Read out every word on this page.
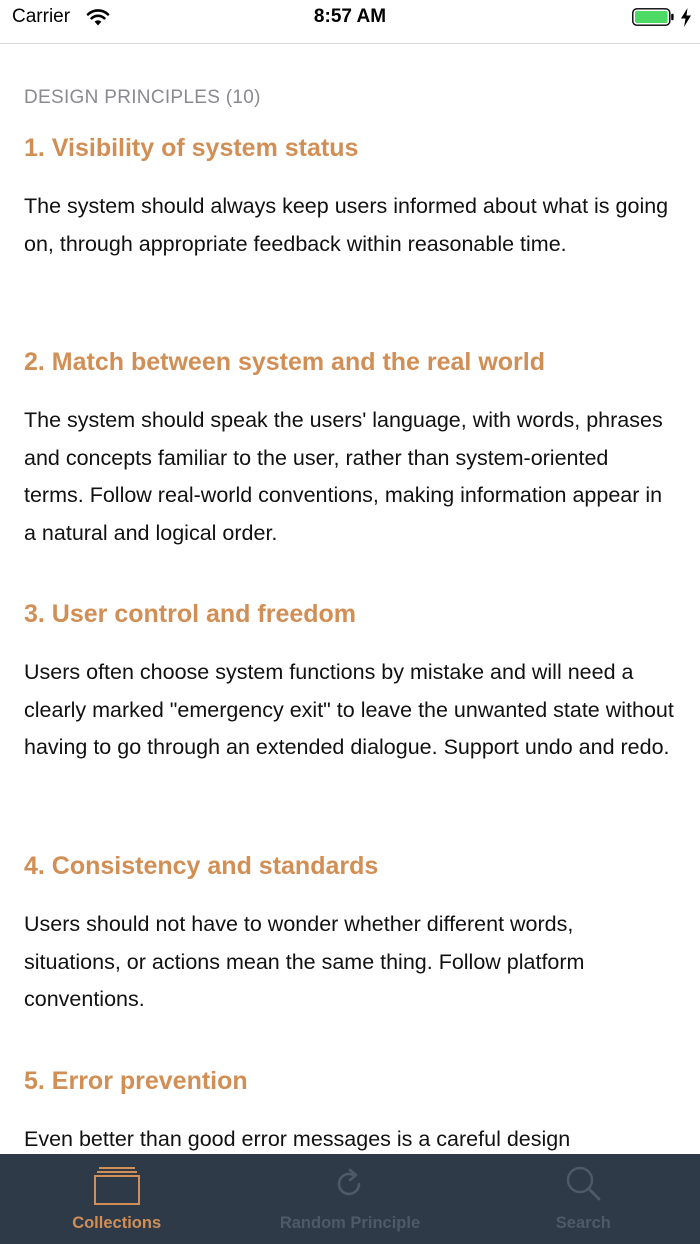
Carrier	8:57 AM
DESIGN PRINCIPLES (10)
1. Visibility of system status

The system should always keep users informed about what is going on, through appropriate feedback within reasonable time.

2. Match between system and the real world

The system should speak the users' language, with words, phrases and concepts familiar to the user, rather than system-oriented terms. Follow real-world conventions, making information appear in a natural and logical order.

3. User control and freedom

Users often choose system functions by mistake and will need a clearly marked "emergency exit" to leave the unwanted state without having to go through an extended dialogue. Support undo and redo.

4. Consistency and standards

Users should not have to wonder whether different words, situations, or actions mean the same thing. Follow platform conventions.

5. Error prevention

Even better than good error messages is a careful design

Collections	Random Principle	Search
